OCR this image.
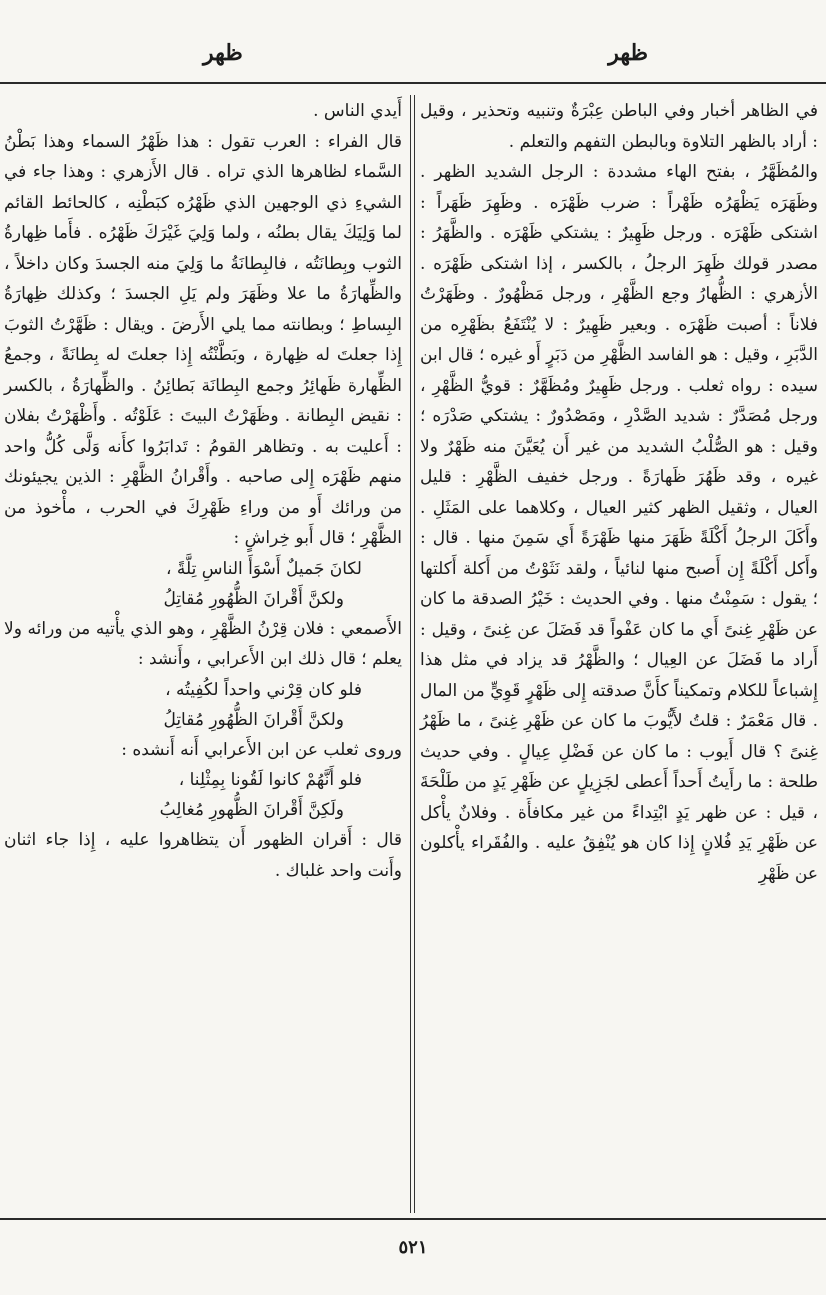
ظهر
ظهر

في الظاهر أخبار وفي الباطن عِبْرَةٌ وتنبيه وتحذير ، وقيل : أراد بالظهر التلاوة وبالبطن التفهم والتعلم .

والمُظَهَّرُ ، بفتح الهاء مشددة : الرجل الشديد الظهر . وظَهَرَه يَظْهَرُه ظَهْراً : ضرب ظَهْرَه . وظَهِرَ ظَهَراً : اشتكى ظَهْرَه . ورجل ظَهِيرٌ : يشتكي ظَهْرَه . والظَّهَرُ : مصدر قولك ظَهِرَ الرجلُ ، بالكسر ، إذا اشتكى ظَهْرَه . الأزهري : الظُّهارُ وجع الظَّهْرِ ، ورجل مَظْهُورٌ . وظَهَرْتُ فلاناً : أصبت ظَهْرَه . وبعير ظَهِيرٌ : لا يُنْتَفَعُ بظَهْرِه من الدَّبَرِ ، وقيل : هو الفاسد الظَّهْرِ من دَبَرٍ أَو غيره ؛ قال ابن سيده : رواه ثعلب . ورجل ظَهِيرٌ ومُظَهَّرٌ : قويُّ الظَّهْرِ ، ورجل مُصَدَّرٌ : شديد الصَّدْرِ ، ومَصْدُورٌ : يشتكي صَدْرَه ؛ وقيل : هو الصُّلْبُ الشديد من غير أَن يُعَيَّنَ منه ظَهْرٌ ولا غيره ، وقد ظَهُرَ ظَهارَةً . ورجل خفيف الظَّهْرِ : قليل العيال ، وثقيل الظهر كثير العيال ، وكلاهما على المَثَلِ . وأَكَلَ الرجلُ أَكْلَةً ظَهَرَ منها ظَهْرَةً أَي سَمِنَ منها . قال : وأَكل أَكْلَةً إِن أَصبح منها لنائياً ، ولقد نَثَوْتُ من أَكلة أَكلتها ؛ يقول : سَمِنْتُ منها . وفي الحديث : خَيْرُ الصدقة ما كان عن ظَهْرِ غِنىً أَي ما كان عَفْواً قد فَضَلَ عن غِنىً ، وقيل : أَراد ما فَضَلَ عن العِيال ؛ والظَّهْرُ قد يزاد في مثل هذا إِشباعاً للكلام وتمكيناً كأَنَّ صدقته إِلى ظَهْرٍ قَوِيٍّ من المال . قال مَعْمَرٌ : قلتُ لأَيُّوبَ ما كان عن ظَهْرِ غِنىً ، ما ظَهْرُ غِنىً ؟ قال أَيوب : ما كان عن فَضْلِ عِيالٍ . وفي حديث طلحة : ما رأَيتُ أَحداً أَعطى لجَزِيلٍ عن ظَهْرِ يَدٍ من طَلْحَةَ ، قيل : عن ظهر يَدٍ ابْتِداءً من غير مكافأَة . وفلانٌ يأْكل عن ظَهْرِ يَدِ فُلانٍ إِذا كان هو يُنْفِقُ عليه . والفُقَراء يأْكلون عن ظَهْرِ

أَيدي الناس .

قال الفراء : العرب تقول : هذا ظَهْرُ السماء وهذا بَطْنُ السَّماء لظاهرها الذي تراه . قال الأَزهري : وهذا جاء في الشيءِ ذي الوجهين الذي ظَهْرُه كبَطْنِه ، كالحائط القائم لما وَلِيَكَ يقال بطنُه ، ولما وَلِيَ غَيْرَكَ ظَهْرُه . فأَما ظِهارةُ الثوب وبِطانَتُه ، فالبِطانَةُ ما وَلِيَ منه الجسدَ وكان داخلاً ، والظِّهارَةُ ما علا وظَهَرَ ولم يَلِ الجسدَ ؛ وكذلك ظِهارَةُ البِساطِ ؛ وبطانته مما يلي الأَرضَ . ويقال : ظَهَّرْتُ الثوبَ إِذا جعلتَ له ظِهارة ، وبَطَّنْتُه إِذا جعلتَ له بِطانَةً ، وجمعُ الظِّهارة ظَهائِرُ وجمع البِطانَة بَطائِنُ . والظِّهارَةُ ، بالكسر : نقيض البِطانة . وظَهَرْتُ البيتَ : عَلَوْتُه . وأَظْهَرْتُ بفلان : أَعليت به . وتظاهر القومُ : تَدابَرُوا كأَنه وَلَّى كُلُّ واحد منهم ظَهْرَه إِلى صاحبه . وأَقْرانُ الظَّهْرِ : الذين يجيئونك من ورائك أَو من وراءِ ظَهْرِكَ في الحرب ، مأْخوذ من الظَّهْرِ ؛ قال أَبو خِراشٍ :

لكانَ جَميلٌ أَسْوَأَ الناسِ تِلَّةً ،
ولكنَّ أَقْرانَ الظُّهُورِ مُقاتِلُ

الأَصمعي : فلان قِرْنُ الظَّهْرِ ، وهو الذي يأْتيه من ورائه ولا يعلم ؛ قال ذلك ابن الأَعرابي ، وأَنشد :

فلو كان قِرْني واحداً لكُفِيتُه ،
ولكنَّ أَقْرانَ الظُّهُورِ مُقاتِلُ

وروى ثعلب عن ابن الأَعرابي أَنه أَنشده :

فلو أَنَّهُمْ كانوا لَقُونا بِمِثْلِنا ،
ولَكِنَّ أَقْرانَ الظُّهورِ مُغالِبُ

قال : أَقران الظهور أَن يتظاهروا عليه ، إِذا جاء اثنان وأَنت واحد غلباك .

٥٢١
